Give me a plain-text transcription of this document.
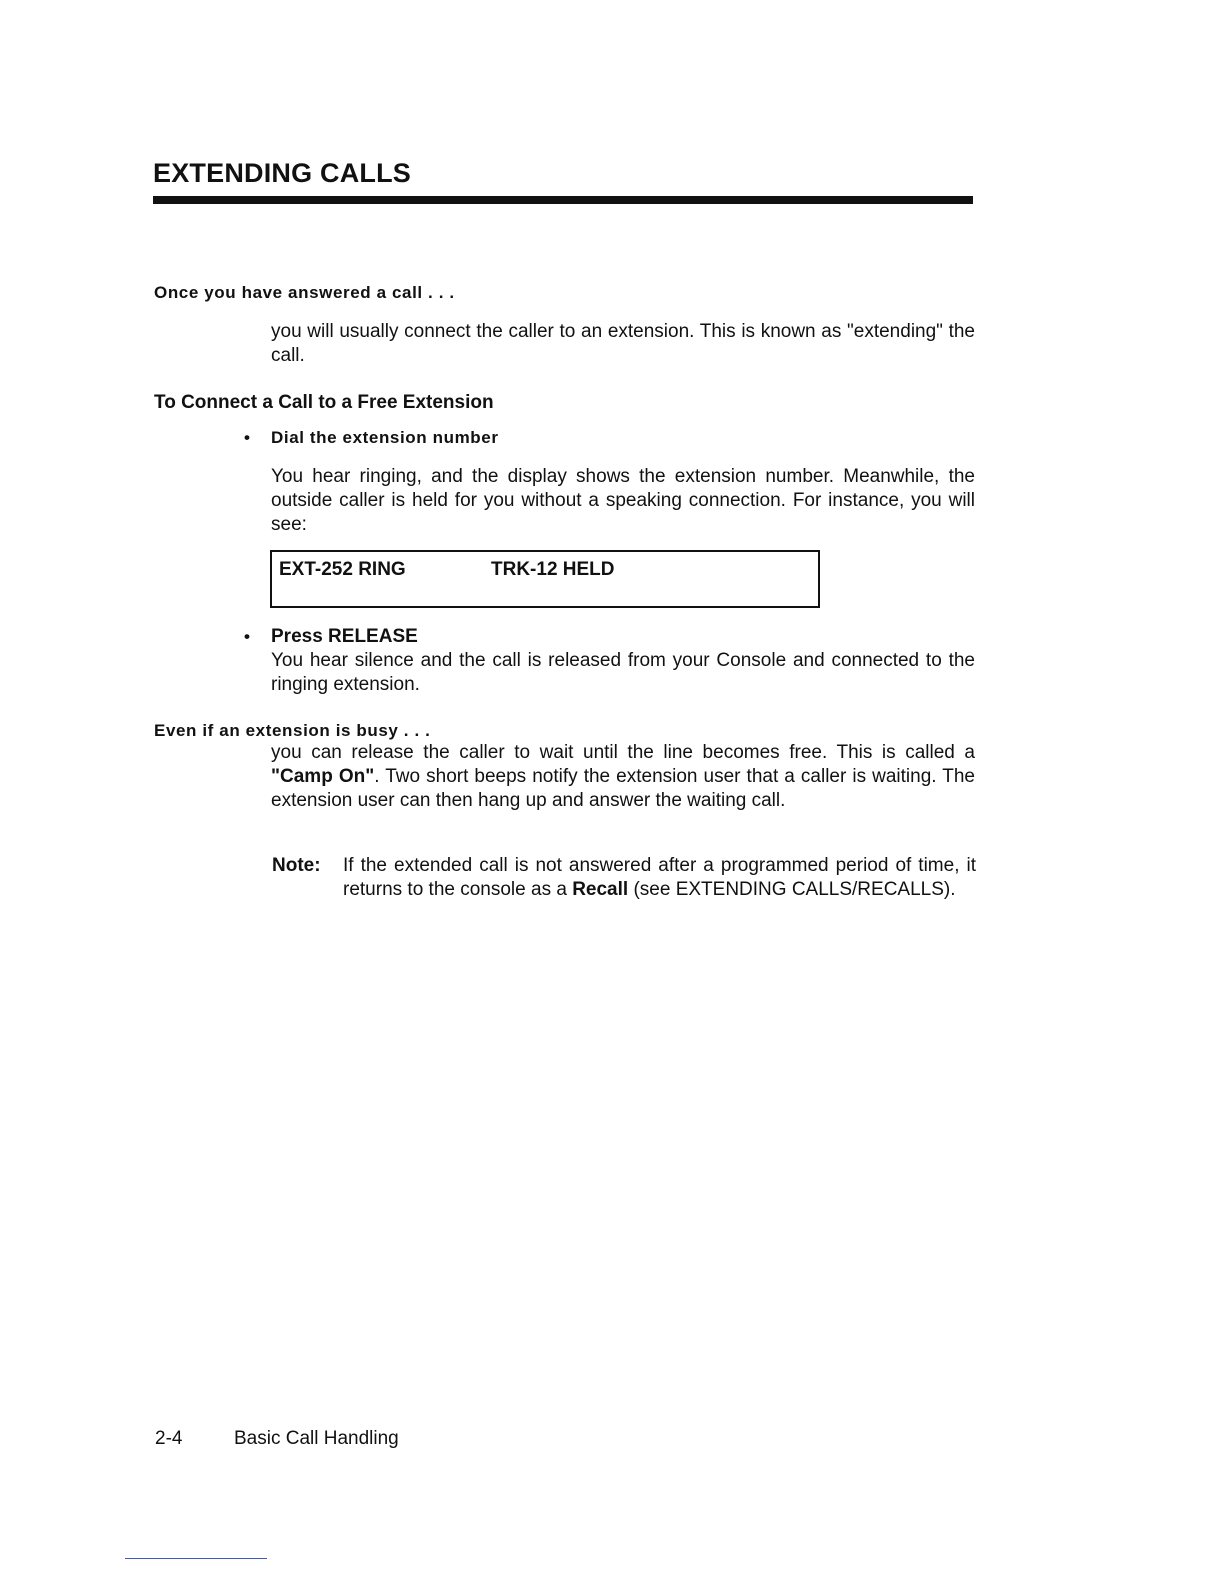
EXTENDING CALLS
Once you have answered a call . . .

you will usually connect the caller to an extension. This is known as "extending" the call.

To Connect a Call to a Free Extension
• Dial the extension number

You hear ringing, and the display shows the extension number. Meanwhile, the outside caller is held for you without a speaking connection. For instance, you will see:

EXT-252 RING	TRK-12 HELD
• Press RELEASE

You hear silence and the call is released from your Console and connected to the ringing extension.

Even if an extension is busy . . .

you can release the caller to wait until the line becomes free. This is called a "Camp On". Two short beeps notify the extension user that a caller is waiting. The extension user can then hang up and answer the waiting call.

Note: If the extended call is not answered after a programmed period of time, it returns to the console as a Recall (see EXTENDING CALLS/RECALLS).

2-4	Basic Call Handling
